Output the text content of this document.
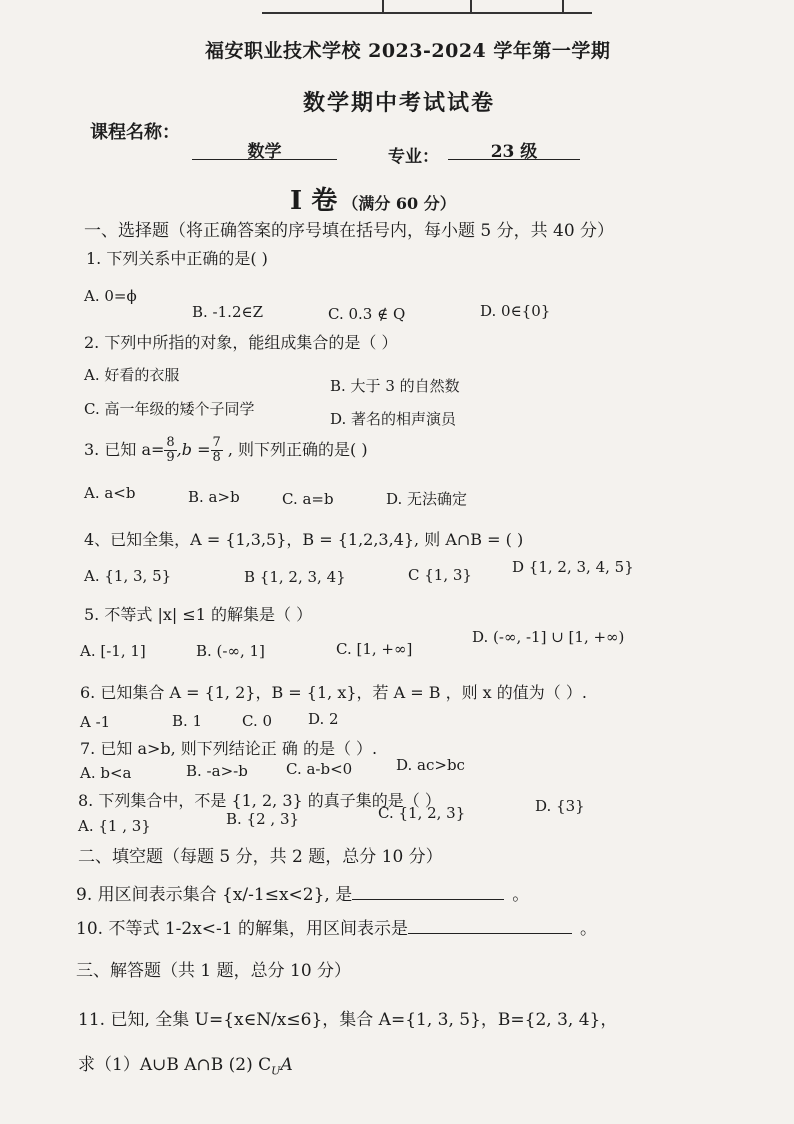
福安职业技术学校 2023-2024 学年第一学期
数学期中考试试卷
课程名称：
数学	专业：	23 级
I 卷 （满分 60 分）
一、选择题（将正确答案的序号填在括号内，每小题 5 分，共 40 分）
1. 下列关系中正确的是( )
A. 0=ϕ
B. -1.2∈Z	C. 0.3 ∉ Q	D. 0∈{0}
2. 下列中所指的对象，能组成集合的是（ ）
A. 好看的衣服
B. 大于 3 的自然数
C. 高一年级的矮个子同学
D. 著名的相声演员
3. 已知 $a= \frac{8}{9} ,b = \frac{7}{8}$ , 则下列正确的是( )
A. a<b	B. a>b	C. a=b	D. 无法确定
4、已知全集，A = {1,3,5}，B = {1,2,3,4}, 则 A∩B = ( )
A. {1, 3, 5}	B {1, 2, 3, 4}	C {1, 3}	D {1, 2, 3, 4, 5}
5. 不等式 |x| ≤1 的解集是（ ）
A. [-1, 1]	B. (-∞, 1]	C. [1, +∞]
D. (-∞, -1] ∪ [1, +∞)
6. 已知集合 A = {1, 2}，B = {1, x}，若 A = B ，则 x 的值为（ ）.
A -1	B. 1	C. 0 D. 2
7. 已知 a>b, 则下列结论正 确 的是（ ）.
A. b<a	B. -a>-b	C. a-b<0	D. ac>bc
8. 下列集合中，不是 {1, 2, 3} 的真子集的是（ ）
A. {1 , 3}	B. {2 , 3}	C. {1, 2, 3}	D. {3}
二、填空题（每题 5 分，共 2 题，总分 10 分）
9. 用区间表示集合 {x/-1≤x<2}, 是	。
10. 不等式 1-2x<-1 的解集，用区间表示是	。
三、解答题（共 1 题，总分 10 分）
11. 已知, 全集 U={x∈N/x≤6}，集合 A={1, 3, 5}，B={2, 3, 4}，
求（1）A∪B A∩B (2) $C_UA$
